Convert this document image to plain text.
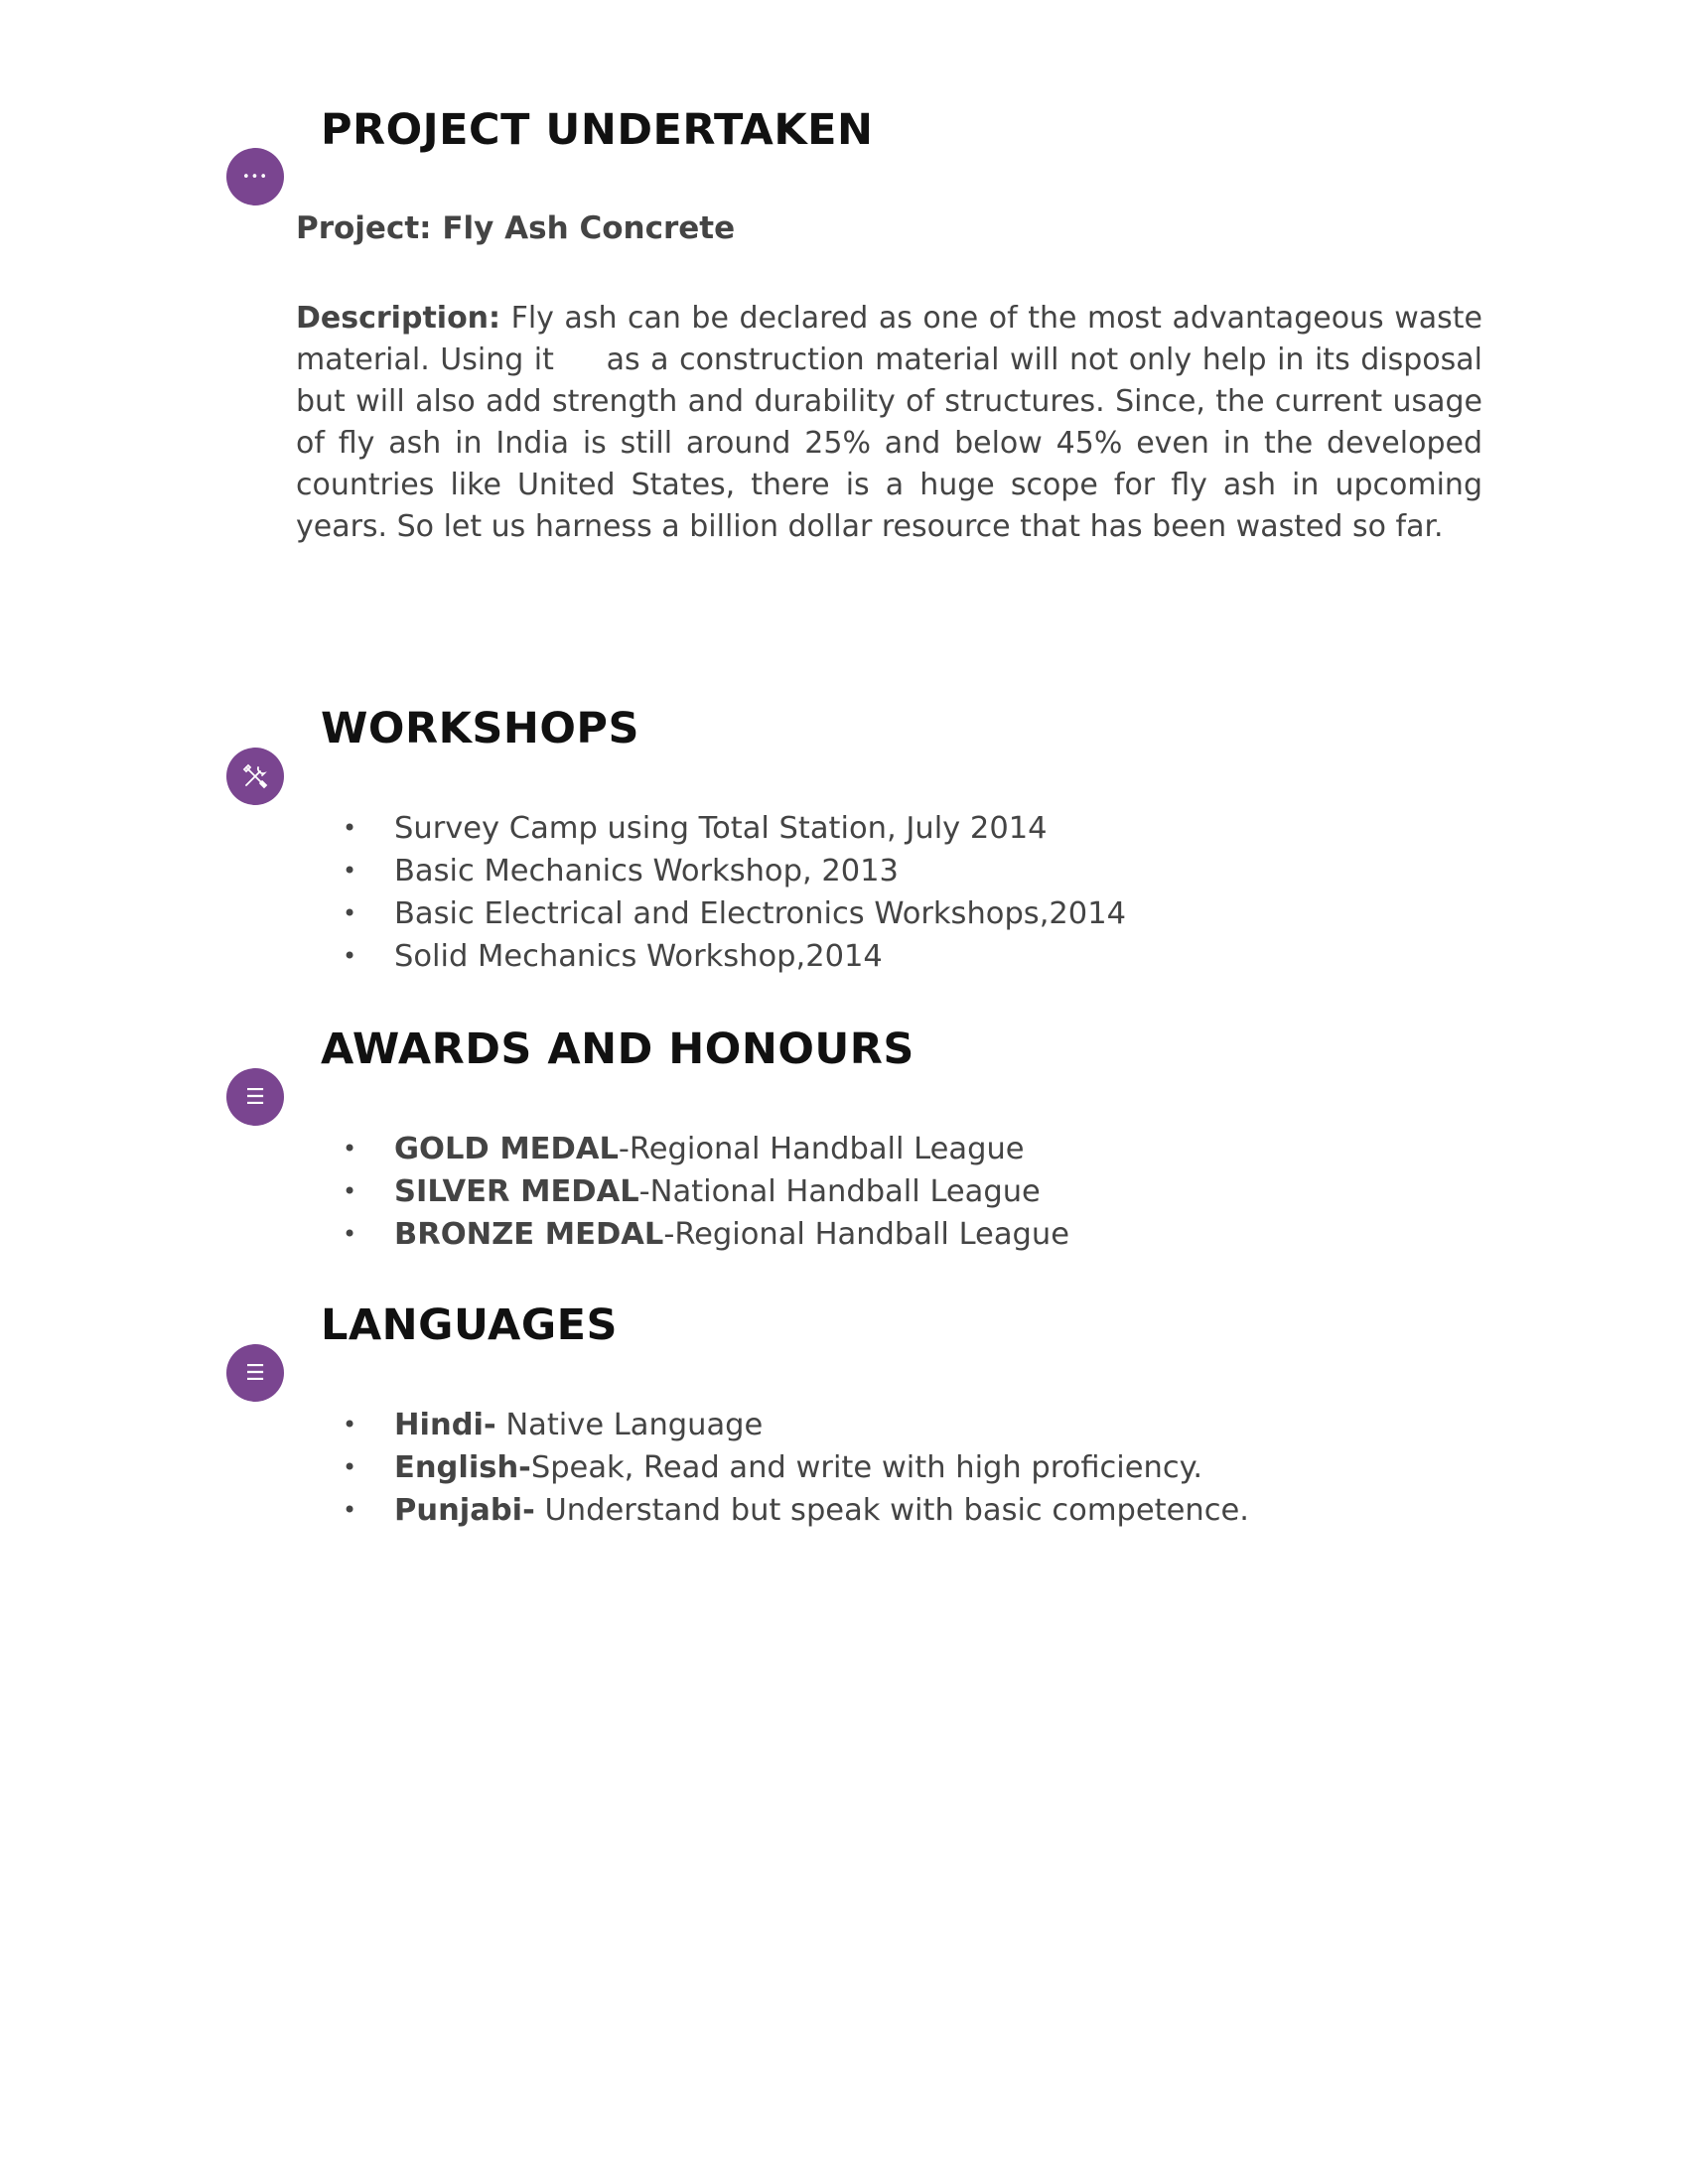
•••
PROJECT UNDERTAKEN
Project: Fly Ash Concrete

Description: Fly ash can be declared as one of the most advantageous waste material. Using it     as a construction material will not only help in its disposal but will also add strength and durability of structures. Since, the current usage of fly ash in India is still around 25% and below 45% even in the developed countries like United States, there is a huge scope for fly ash in upcoming years. So let us harness a billion dollar resource that has been wasted so far.

WORKSHOPS
• Survey Camp using Total Station, July 2014
• Basic Mechanics Workshop, 2013
• Basic Electrical and Electronics Workshops,2014
• Solid Mechanics Workshop,2014
☰
AWARDS AND HONOURS
• GOLD MEDAL-Regional Handball League
• SILVER MEDAL-National Handball League
• BRONZE MEDAL-Regional Handball League
☰
LANGUAGES
• Hindi- Native Language
• English-Speak, Read and write with high proficiency.
• Punjabi- Understand but speak with basic competence.
